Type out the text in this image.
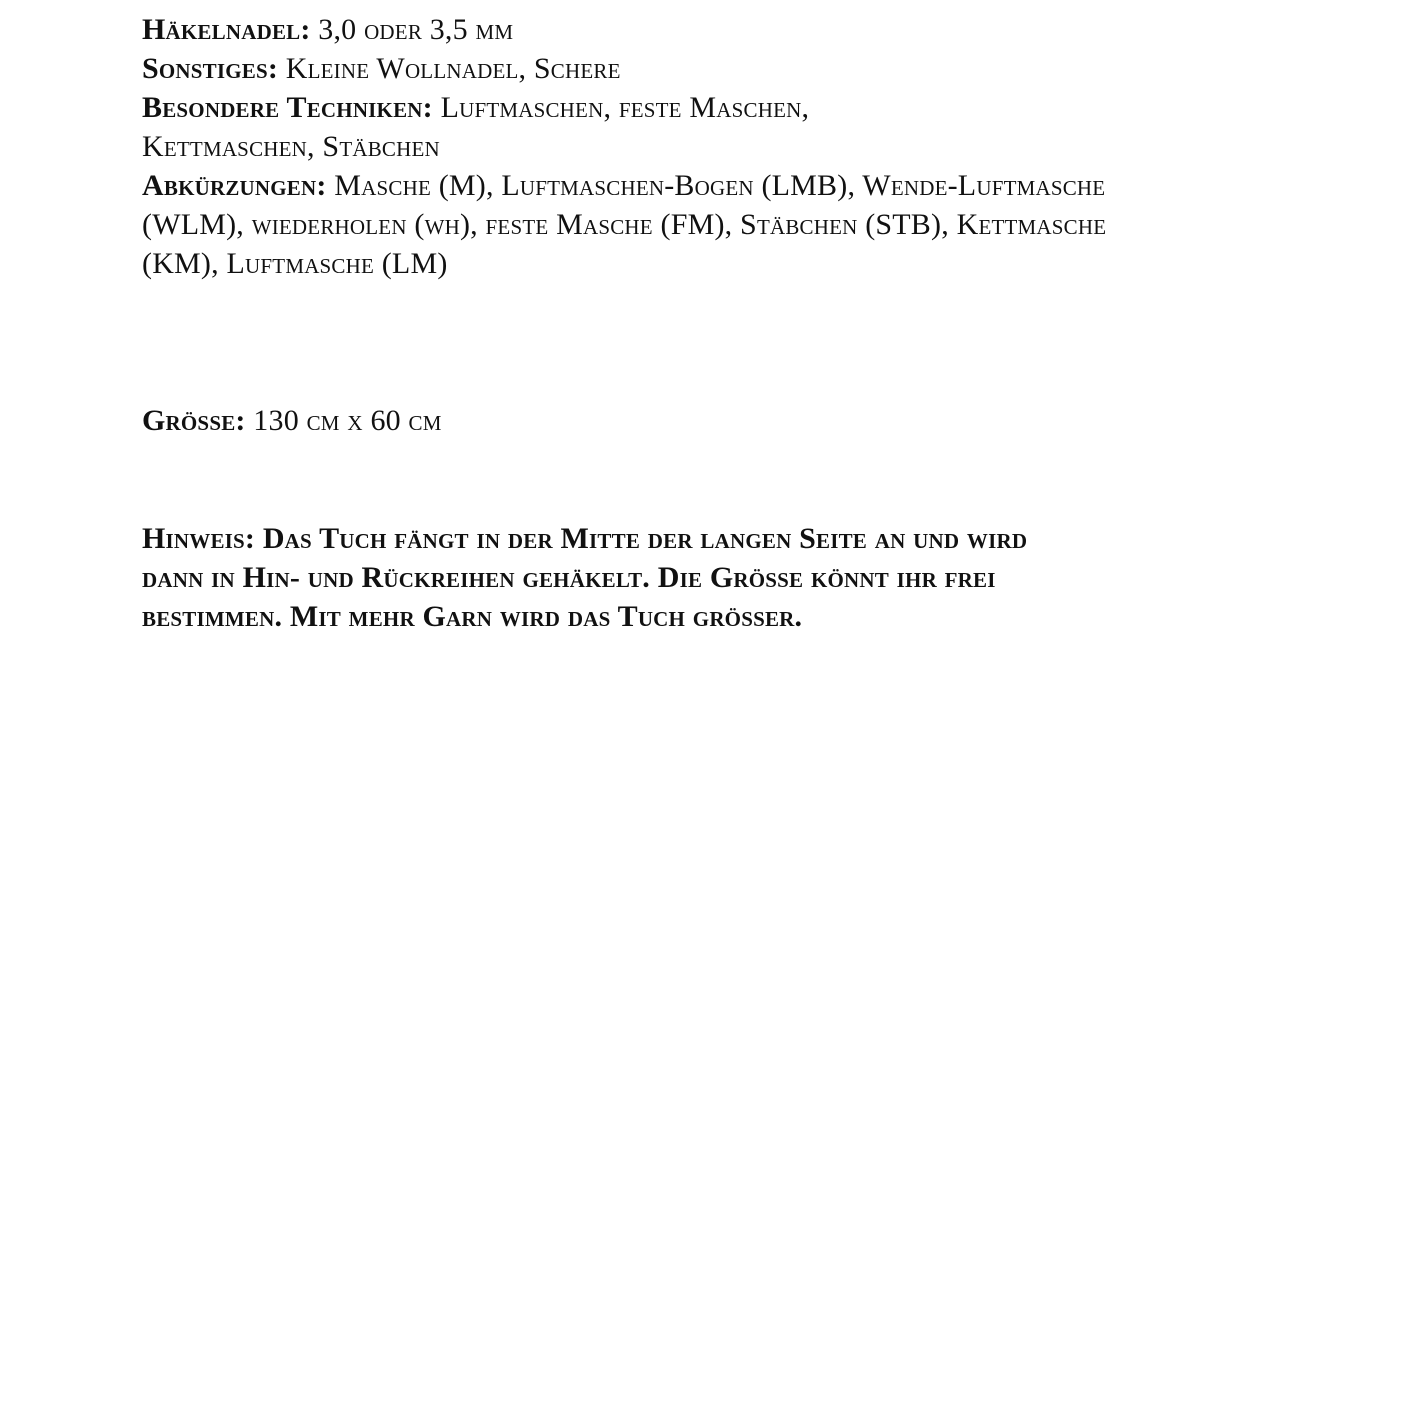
Häkelnadel: 3,0 oder 3,5 mm
Sonstiges: Kleine Wollnadel, Schere
Besondere Techniken: Luftmaschen, feste Maschen,
Kettmaschen, Stäbchen
Abkürzungen: Masche (M), Luftmaschen-Bogen (LMB), Wende-Luftmasche
(WLM), wiederholen (wh), feste Masche (FM), Stäbchen (STB), Kettmasche
(KM), Luftmasche (LM)
Grösse: 130 cm x 60 cm
Hinweis: Das Tuch fängt in der Mitte der langen Seite an und wird
dann in Hin- und Rückreihen gehäkelt. Die Grösse könnt ihr frei
bestimmen. Mit mehr Garn wird das Tuch grösser.
